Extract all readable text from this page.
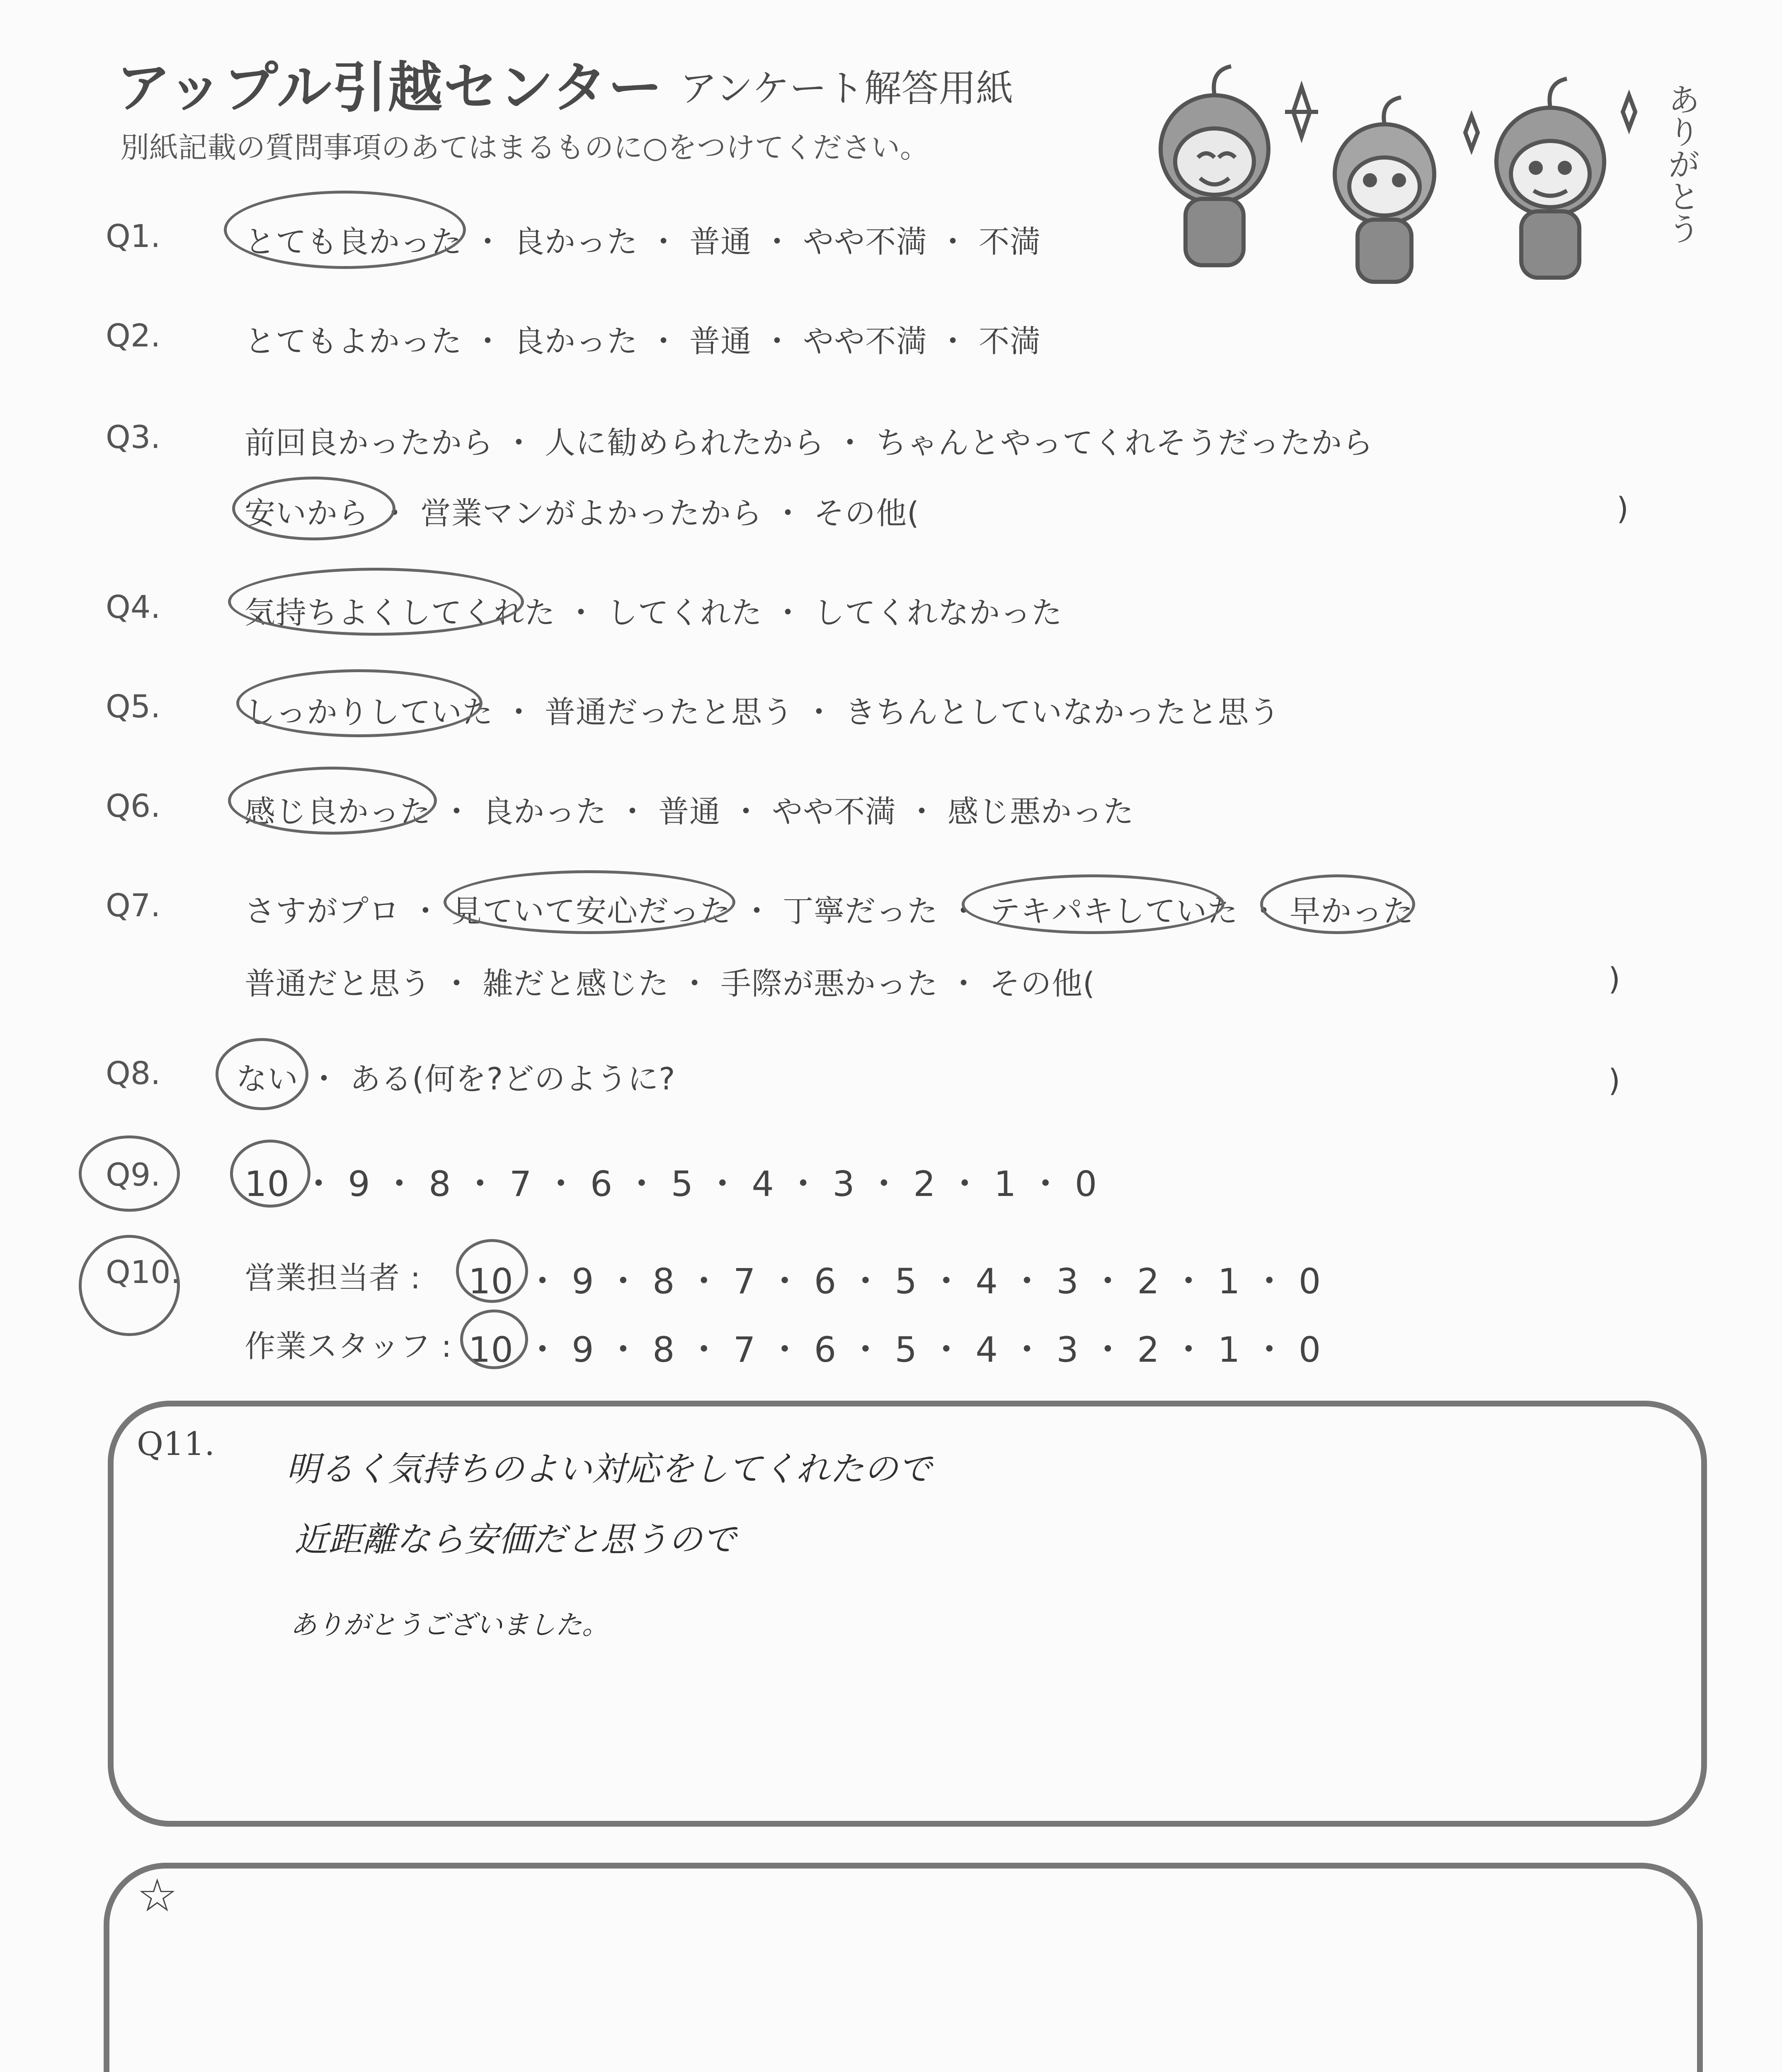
アップル引越センター アンケート解答用紙
別紙記載の質問事項のあてはまるものに○をつけてください。	ありがとう
Q1.	とても良かった ・ 良かった ・ 普通 ・ やや不満 ・ 不満
Q2.	とてもよかった ・ 良かった ・ 普通 ・ やや不満 ・ 不満
Q3.	前回良かったから ・ 人に勧められたから ・ ちゃんとやってくれそうだったから
安いから ・ 営業マンがよかったから ・ その他(	)
Q4.	気持ちよくしてくれた ・ してくれた ・ してくれなかった
Q5.	しっかりしていた ・ 普通だったと思う ・ きちんとしていなかったと思う
Q6.	感じ良かった ・ 良かった ・ 普通 ・ やや不満 ・ 感じ悪かった
Q7.	さすがプロ ・ 見ていて安心だった ・ 丁寧だった ・ テキパキしていた ・ 早かった
普通だと思う ・ 雑だと感じた ・ 手際が悪かった ・ その他(	)
Q8. ない ・ ある(何を?どのように?	)
Q9. 10 ・ 9 ・ 8 ・ 7 ・ 6 ・ 5 ・ 4 ・ 3 ・ 2 ・ 1 ・ 0
Q10. 営業担当者 : 10 ・ 9 ・ 8 ・ 7 ・ 6 ・ 5 ・ 4 ・ 3 ・ 2 ・ 1 ・ 0
作業スタッフ : 10 ・ 9 ・ 8 ・ 7 ・ 6 ・ 5 ・ 4 ・ 3 ・ 2 ・ 1 ・ 0
Q11.
明るく気持ちのよい対応をしてくれたので
近距離なら安価だと思うので
ありがとうございました。
☆
